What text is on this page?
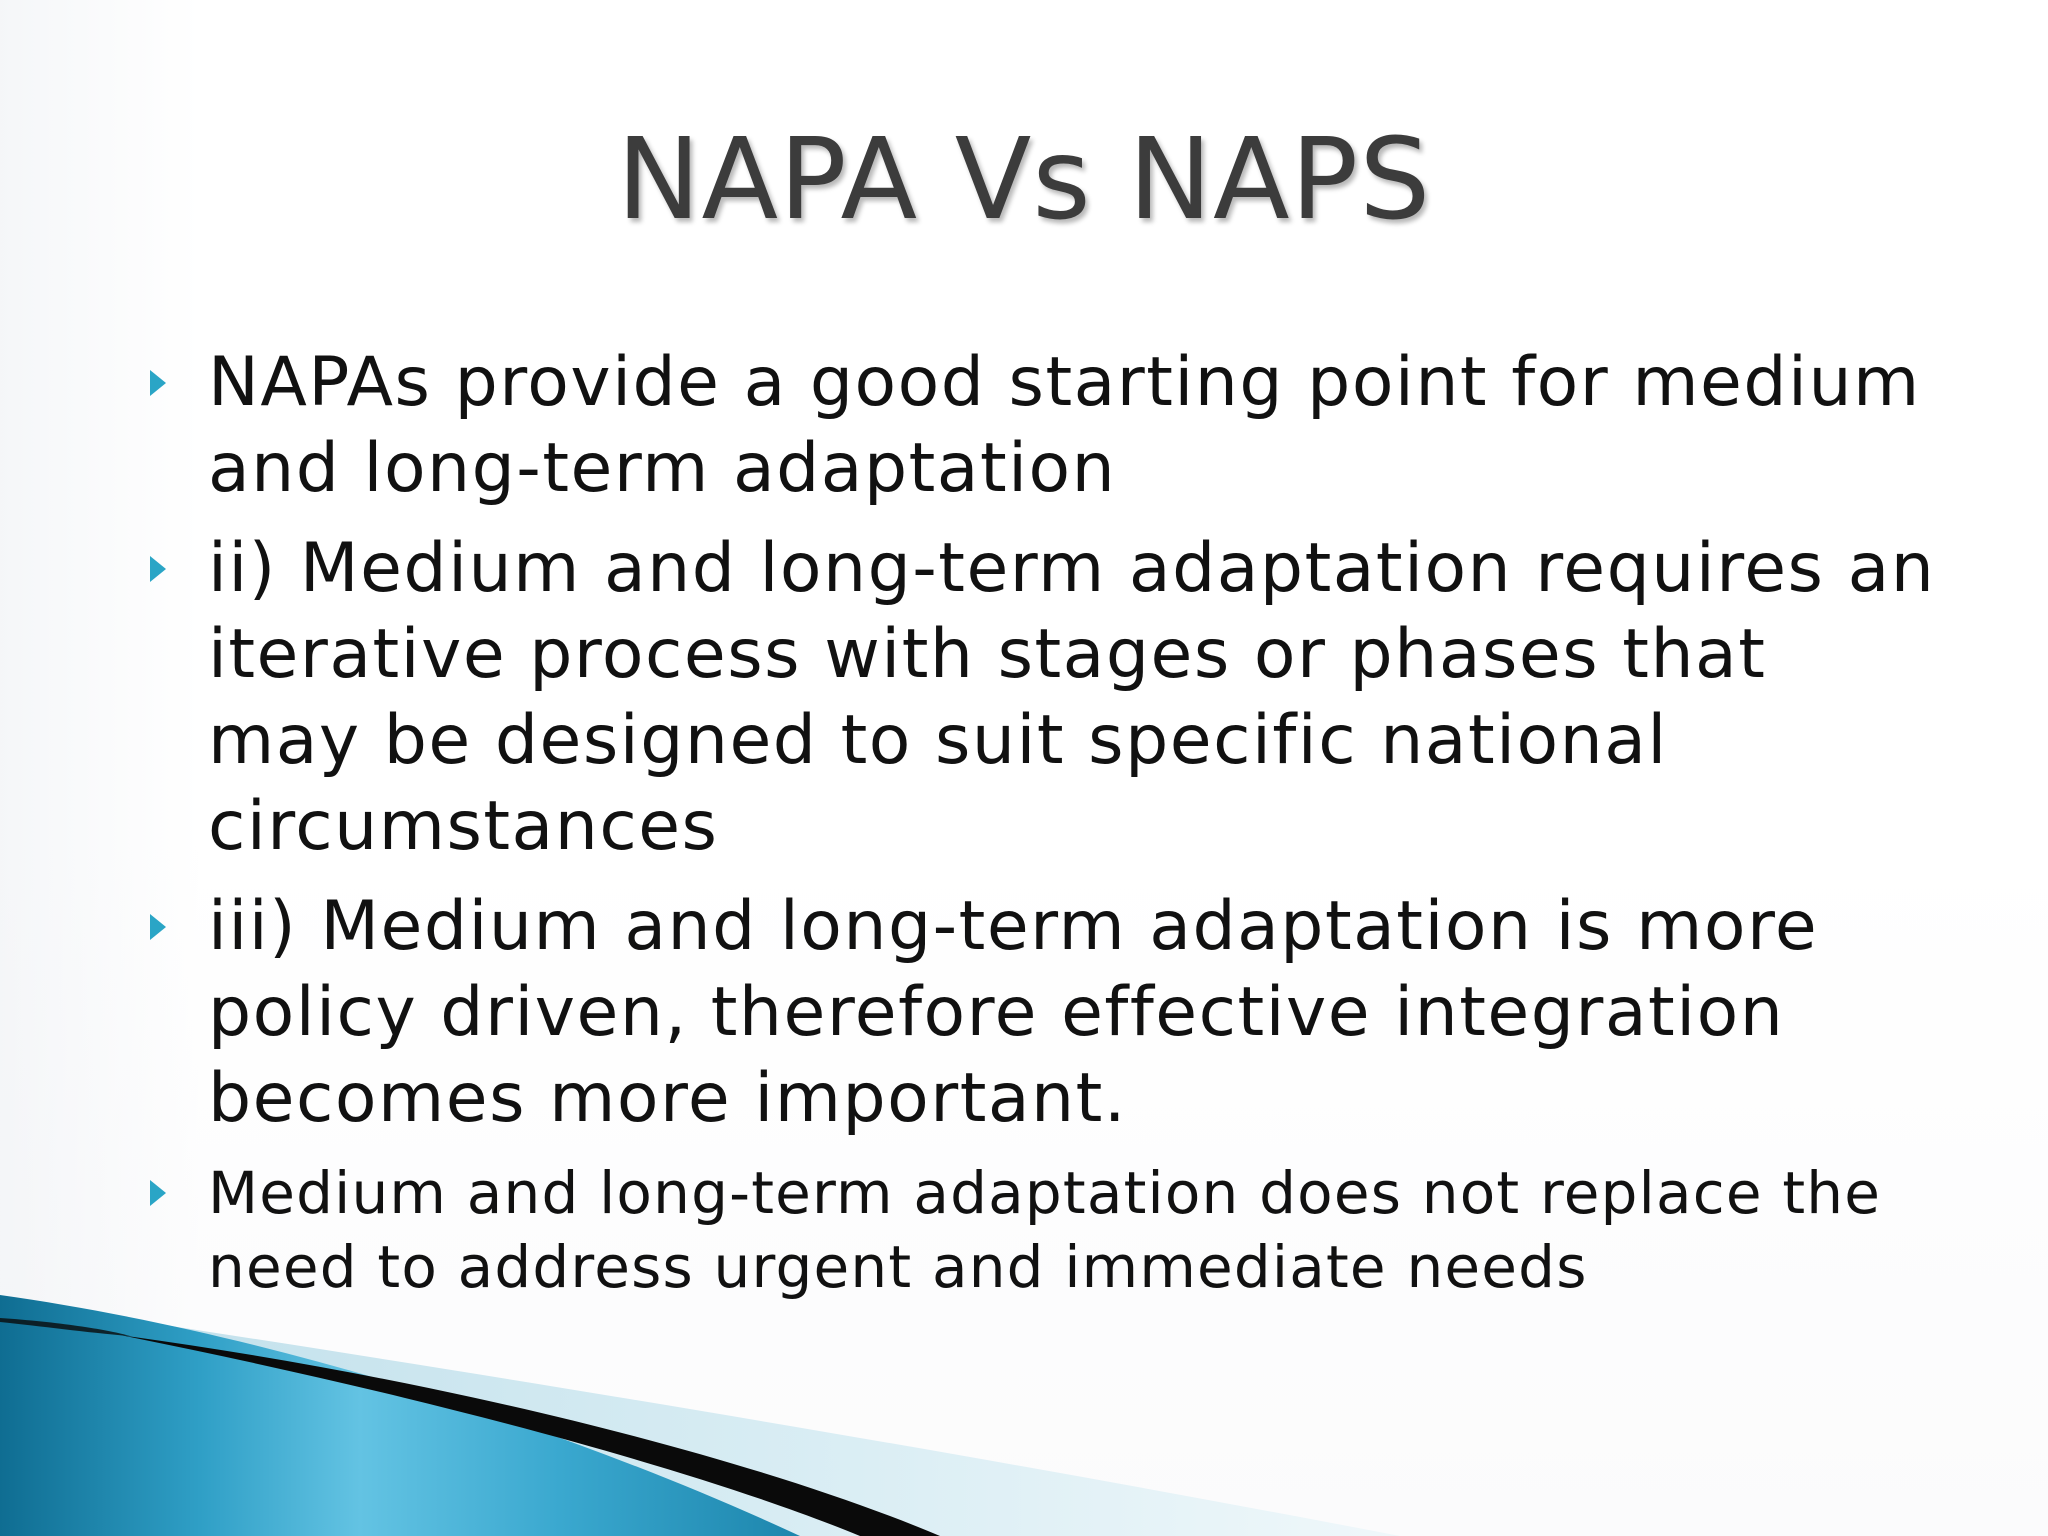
NAPA Vs NAPS
NAPAs provide a good starting point for medium and long-term adaptation
ii) Medium and long-term adaptation requires an iterative process with stages or phases that may be designed to suit specific national circumstances
iii) Medium and long-term adaptation is more policy driven, therefore effective integration becomes more important.
Medium and long-term adaptation does not replace the need to address urgent and immediate needs
